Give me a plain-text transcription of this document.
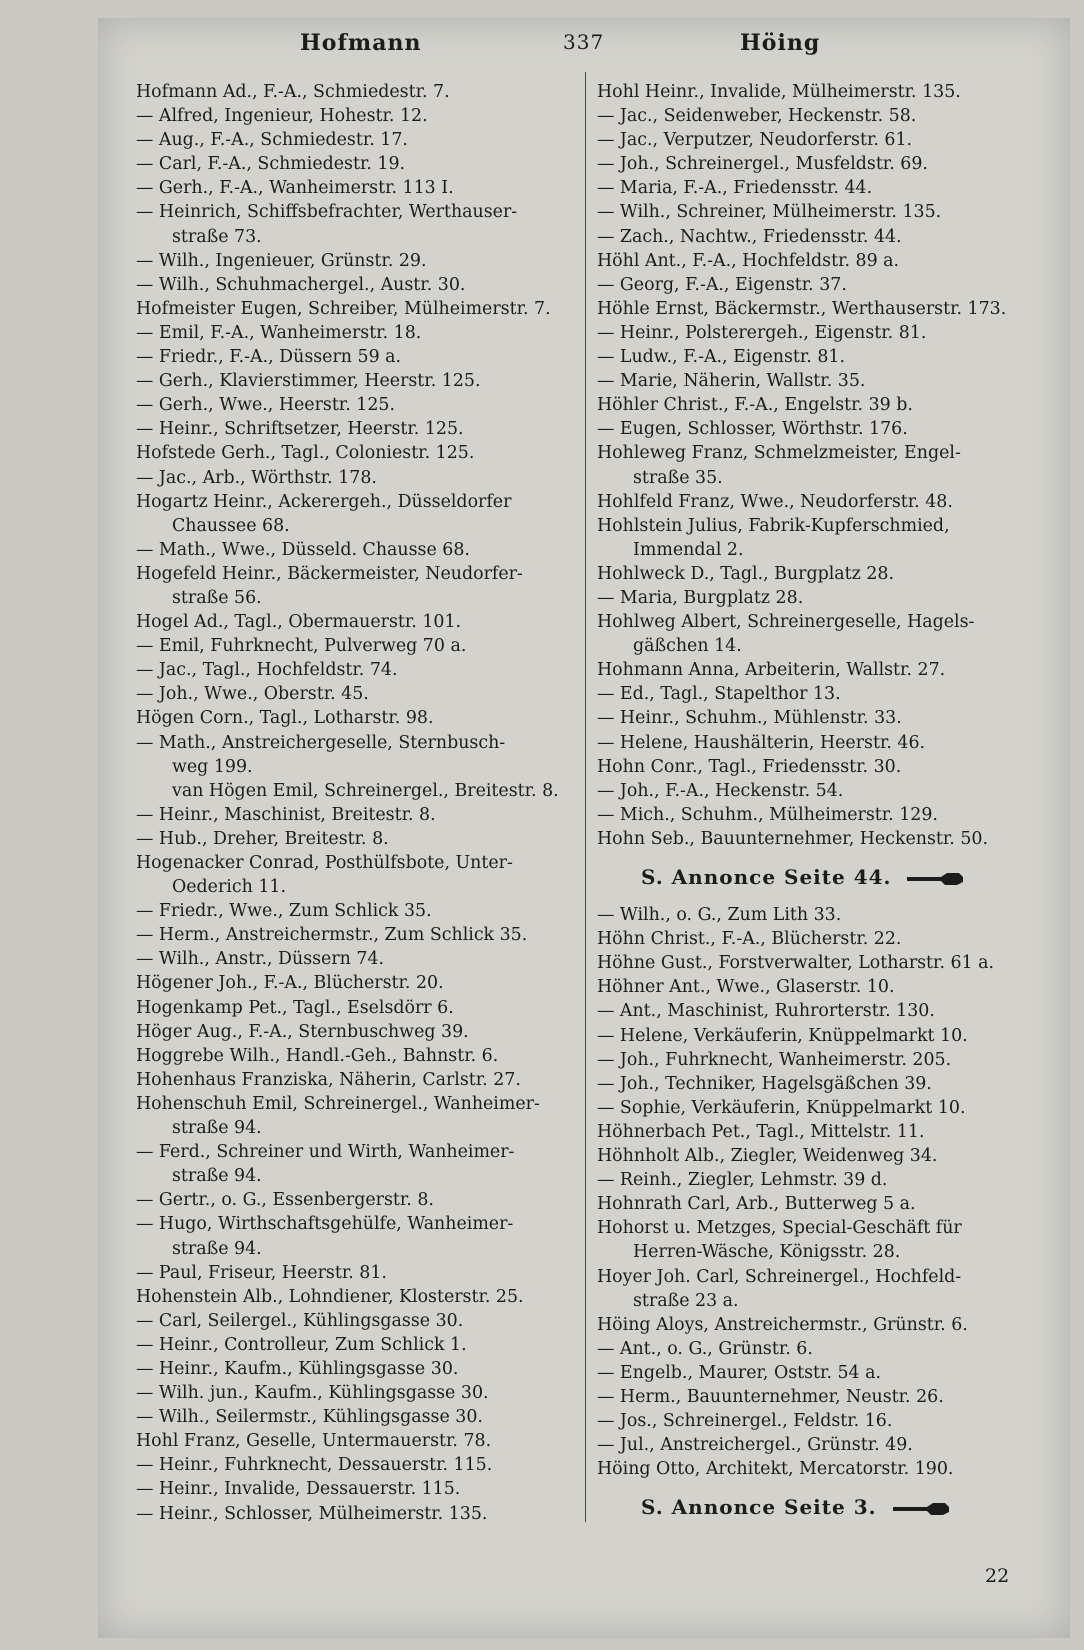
Hofmann	337	Höing
Hofmann Ad., F.-A., Schmiedestr. 7.
— Alfred, Ingenieur, Hohestr. 12.
— Aug., F.-A., Schmiedestr. 17.
— Carl, F.-A., Schmiedestr. 19.
— Gerh., F.-A., Wanheimerstr. 113 I.
— Heinrich, Schiffsbefrachter, Werthauser-
straße 73.
— Wilh., Ingenieuer, Grünstr. 29.
— Wilh., Schuhmachergel., Austr. 30.
Hofmeister Eugen, Schreiber, Mülheimerstr. 7.
— Emil, F.-A., Wanheimerstr. 18.
— Friedr., F.-A., Düssern 59 a.
— Gerh., Klavierstimmer, Heerstr. 125.
— Gerh., Wwe., Heerstr. 125.
— Heinr., Schriftsetzer, Heerstr. 125.
Hofstede Gerh., Tagl., Coloniestr. 125.
— Jac., Arb., Wörthstr. 178.
Hogartz Heinr., Ackerergeh., Düsseldorfer
Chaussee 68.
— Math., Wwe., Düsseld. Chausse 68.
Hogefeld Heinr., Bäckermeister, Neudorfer-
straße 56.
Hogel Ad., Tagl., Obermauerstr. 101.
— Emil, Fuhrknecht, Pulverweg 70 a.
— Jac., Tagl., Hochfeldstr. 74.
— Joh., Wwe., Oberstr. 45.
Högen Corn., Tagl., Lotharstr. 98.
— Math., Anstreichergeselle, Sternbusch-
weg 199.
van Högen Emil, Schreinergel., Breitestr. 8.
— Heinr., Maschinist, Breitestr. 8.
— Hub., Dreher, Breitestr. 8.
Hogenacker Conrad, Posthülfsbote, Unter-
Oederich 11.
— Friedr., Wwe., Zum Schlick 35.
— Herm., Anstreichermstr., Zum Schlick 35.
— Wilh., Anstr., Düssern 74.
Högener Joh., F.-A., Blücherstr. 20.
Hogenkamp Pet., Tagl., Eselsdörr 6.
Höger Aug., F.-A., Sternbuschweg 39.
Hoggrebe Wilh., Handl.-Geh., Bahnstr. 6.
Hohenhaus Franziska, Näherin, Carlstr. 27.
Hohenschuh Emil, Schreinergel., Wanheimer-
straße 94.
— Ferd., Schreiner und Wirth, Wanheimer-
straße 94.
— Gertr., o. G., Essenbergerstr. 8.
— Hugo, Wirthschaftsgehülfe, Wanheimer-
straße 94.
— Paul, Friseur, Heerstr. 81.
Hohenstein Alb., Lohndiener, Klosterstr. 25.
— Carl, Seilergel., Kühlingsgasse 30.
— Heinr., Controlleur, Zum Schlick 1.
— Heinr., Kaufm., Kühlingsgasse 30.
— Wilh. jun., Kaufm., Kühlingsgasse 30.
— Wilh., Seilermstr., Kühlingsgasse 30.
Hohl Franz, Geselle, Untermauerstr. 78.
— Heinr., Fuhrknecht, Dessauerstr. 115.
— Heinr., Invalide, Dessauerstr. 115.
— Heinr., Schlosser, Mülheimerstr. 135.
Hohl Heinr., Invalide, Mülheimerstr. 135.
— Jac., Seidenweber, Heckenstr. 58.
— Jac., Verputzer, Neudorferstr. 61.
— Joh., Schreinergel., Musfeldstr. 69.
— Maria, F.-A., Friedensstr. 44.
— Wilh., Schreiner, Mülheimerstr. 135.
— Zach., Nachtw., Friedensstr. 44.
Höhl Ant., F.-A., Hochfeldstr. 89 a.
— Georg, F.-A., Eigenstr. 37.
Höhle Ernst, Bäckermstr., Werthauserstr. 173.
— Heinr., Polsterergeh., Eigenstr. 81.
— Ludw., F.-A., Eigenstr. 81.
— Marie, Näherin, Wallstr. 35.
Höhler Christ., F.-A., Engelstr. 39 b.
— Eugen, Schlosser, Wörthstr. 176.
Hohleweg Franz, Schmelzmeister, Engel-
straße 35.
Hohlfeld Franz, Wwe., Neudorferstr. 48.
Hohlstein Julius, Fabrik-Kupferschmied,
Immendal 2.
Hohlweck D., Tagl., Burgplatz 28.
— Maria, Burgplatz 28.
Hohlweg Albert, Schreinergeselle, Hagels-
gäßchen 14.
Hohmann Anna, Arbeiterin, Wallstr. 27.
— Ed., Tagl., Stapelthor 13.
— Heinr., Schuhm., Mühlenstr. 33.
— Helene, Haushälterin, Heerstr. 46.
Hohn Conr., Tagl., Friedensstr. 30.
— Joh., F.-A., Heckenstr. 54.
— Mich., Schuhm., Mülheimerstr. 129.
Hohn Seb., Bauunternehmer, Heckenstr. 50.
S. Annonce Seite 44.
— Wilh., o. G., Zum Lith 33.
Höhn Christ., F.-A., Blücherstr. 22.
Höhne Gust., Forstverwalter, Lotharstr. 61 a.
Höhner Ant., Wwe., Glaserstr. 10.
— Ant., Maschinist, Ruhrorterstr. 130.
— Helene, Verkäuferin, Knüppelmarkt 10.
— Joh., Fuhrknecht, Wanheimerstr. 205.
— Joh., Techniker, Hagelsgäßchen 39.
— Sophie, Verkäuferin, Knüppelmarkt 10.
Höhnerbach Pet., Tagl., Mittelstr. 11.
Höhnholt Alb., Ziegler, Weidenweg 34.
— Reinh., Ziegler, Lehmstr. 39 d.
Hohnrath Carl, Arb., Butterweg 5 a.
Hohorst u. Metzges, Special-Geschäft für
Herren-Wäsche, Königsstr. 28.
Hoyer Joh. Carl, Schreinergel., Hochfeld-
straße 23 a.
Höing Aloys, Anstreichermstr., Grünstr. 6.
— Ant., o. G., Grünstr. 6.
— Engelb., Maurer, Oststr. 54 a.
— Herm., Bauunternehmer, Neustr. 26.
— Jos., Schreinergel., Feldstr. 16.
— Jul., Anstreichergel., Grünstr. 49.
Höing Otto, Architekt, Mercatorstr. 190.
S. Annonce Seite 3.
22
